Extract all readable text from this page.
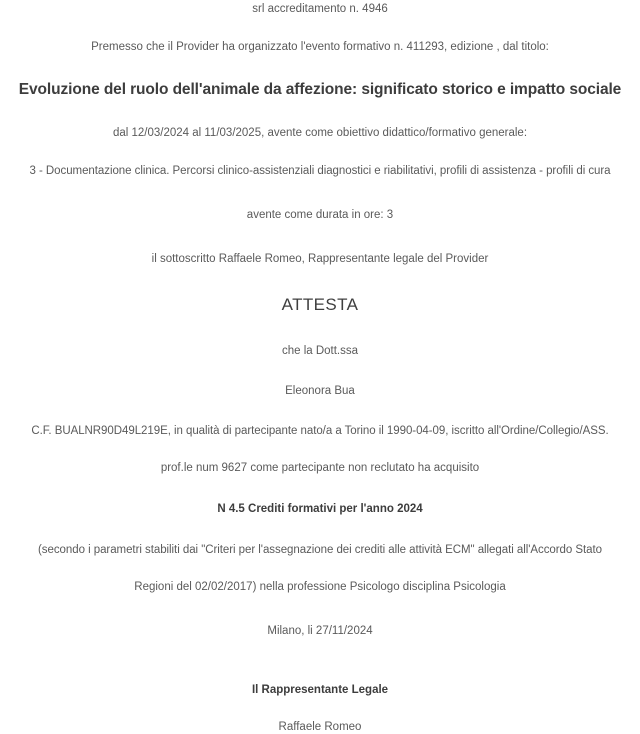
srl accreditamento n. 4946
Premesso che il Provider ha organizzato l'evento formativo n. 411293, edizione , dal titolo:
Evoluzione del ruolo dell'animale da affezione: significato storico e impatto sociale
dal 12/03/2024 al 11/03/2025, avente come obiettivo didattico/formativo generale:
3 - Documentazione clinica. Percorsi clinico-assistenziali diagnostici e riabilitativi, profili di assistenza - profili di cura
avente come durata in ore: 3
il sottoscritto Raffaele Romeo, Rappresentante legale del Provider
ATTESTA
che la Dott.ssa
Eleonora Bua
C.F. BUALNR90D49L219E, in qualità di partecipante nato/a a Torino il 1990-04-09, iscritto all'Ordine/Collegio/ASS.
prof.le num 9627 come partecipante non reclutato ha acquisito
N 4.5 Crediti formativi per l'anno 2024
(secondo i parametri stabiliti dai "Criteri per l'assegnazione dei crediti alle attività ECM" allegati all'Accordo Stato
Regioni del 02/02/2017) nella professione Psicologo disciplina Psicologia
Milano, li 27/11/2024
Il Rappresentante Legale
Raffaele Romeo
